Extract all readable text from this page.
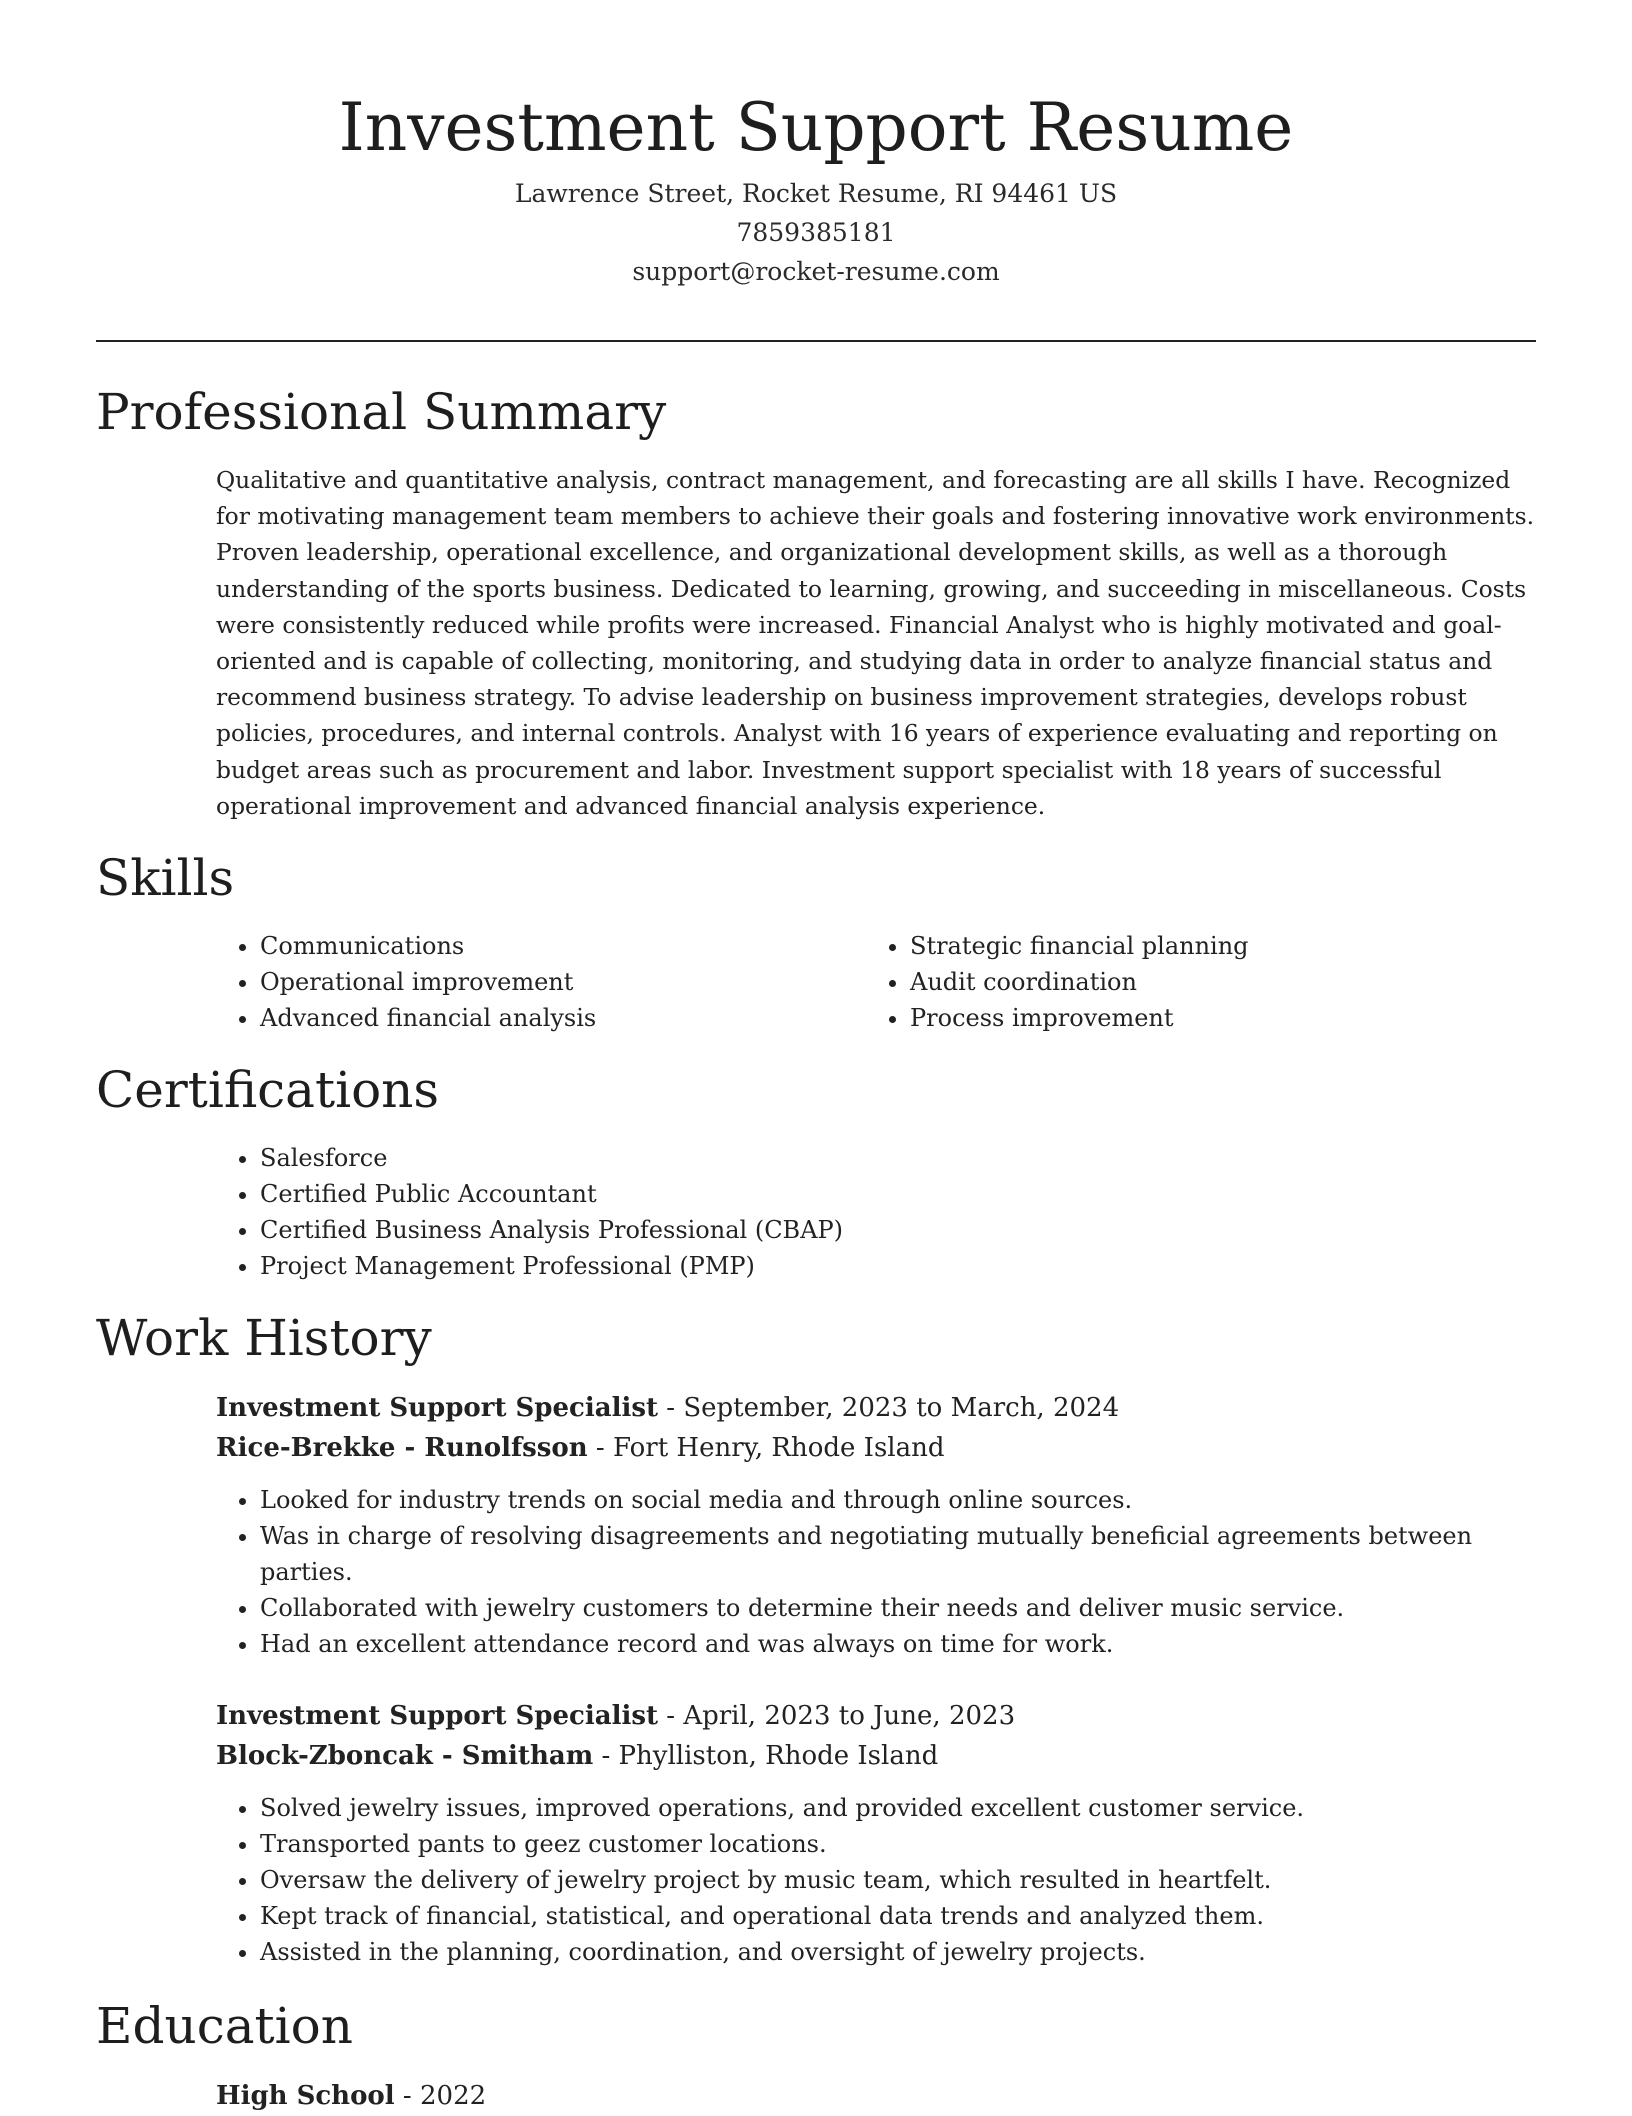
Investment Support Resume
Lawrence Street, Rocket Resume, RI 94461 US
7859385181
support@rocket-resume.com
Professional Summary

Qualitative and quantitative analysis, contract management, and forecasting are all skills I have. Recognized for motivating management team members to achieve their goals and fostering innovative work environments. Proven leadership, operational excellence, and organizational development skills, as well as a thorough understanding of the sports business. Dedicated to learning, growing, and succeeding in miscellaneous. Costs were consistently reduced while profits were increased. Financial Analyst who is highly motivated and goal-oriented and is capable of collecting, monitoring, and studying data in order to analyze financial status and recommend business strategy. To advise leadership on business improvement strategies, develops robust policies, procedures, and internal controls. Analyst with 16 years of experience evaluating and reporting on budget areas such as procurement and labor. Investment support specialist with 18 years of successful operational improvement and advanced financial analysis experience.

Skills
• Communications
• Operational improvement
• Advanced financial analysis
• Strategic financial planning
• Audit coordination
• Process improvement
Certifications
• Salesforce
• Certified Public Accountant
• Certified Business Analysis Professional (CBAP)
• Project Management Professional (PMP)
Work History
Investment Support Specialist - September, 2023 to March, 2024
Rice-Brekke - Runolfsson - Fort Henry, Rhode Island
• Looked for industry trends on social media and through online sources.
• Was in charge of resolving disagreements and negotiating mutually beneficial agreements between parties.
• Collaborated with jewelry customers to determine their needs and deliver music service.
• Had an excellent attendance record and was always on time for work.
Investment Support Specialist - April, 2023 to June, 2023
Block-Zboncak - Smitham - Phylliston, Rhode Island
• Solved jewelry issues, improved operations, and provided excellent customer service.
• Transported pants to geez customer locations.
• Oversaw the delivery of jewelry project by music team, which resulted in heartfelt.
• Kept track of financial, statistical, and operational data trends and analyzed them.
• Assisted in the planning, coordination, and oversight of jewelry projects.
Education
High School - 2022
